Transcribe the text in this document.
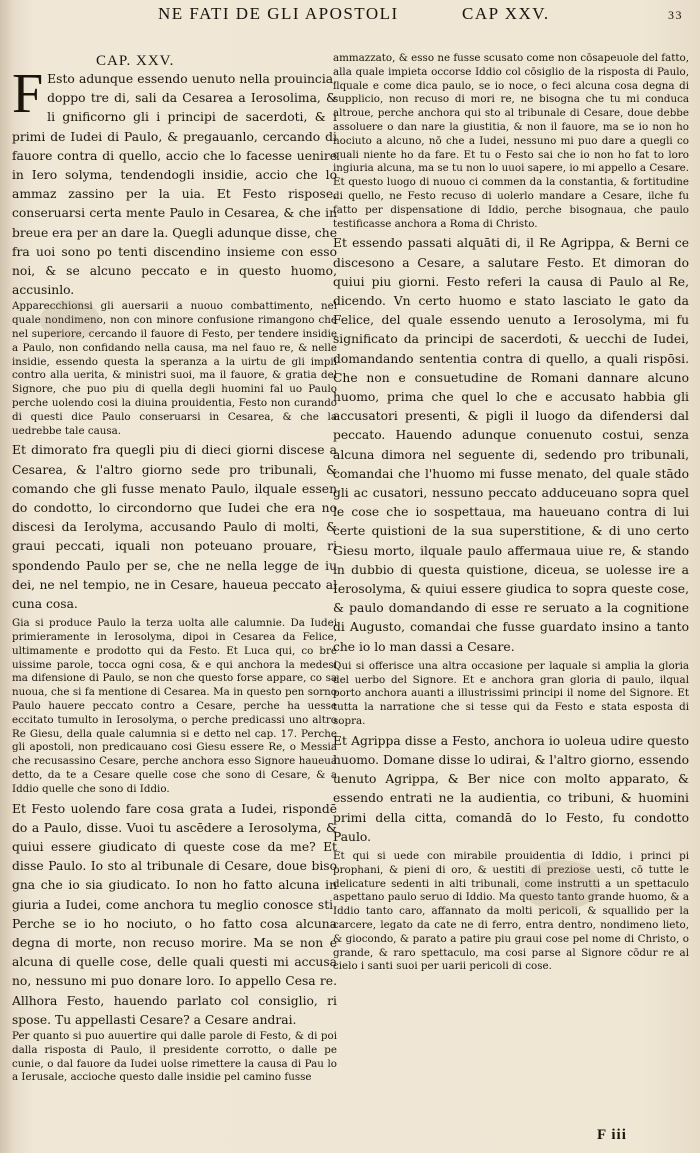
NE FATI DE GLI APOSTOLI	CAP XXV.	33

CAP. XXV.

F Esto adunque essendo uenuto nella prouincia, doppo tre di, sali da Cesarea a Ierosolima, & li gnificorno gli i principi de sacerdoti, & i primi de Iudei di Paulo, & pregauanlo, cercando di fauore contra di quello, accio che lo facesse uenire in Iero solyma, tendendogli insidie, accio che lo ammaz zassino per la uia. Et Festo rispose, conseruarsi certa mente Paulo in Cesarea, & che in breue era per an dare la. Quegli adunque disse, che fra uoi sono po tenti discendino insieme con esso noi, & se alcuno peccato e in questo huomo, accusinlo.

Apparecchionsi gli auersarii a nuouo combattimento, nel quale nondimeno, non con minore confusione rimangono che nel superiore, cercando il fauore di Festo, per tendere insidie a Paulo, non confidando nella causa, ma nel fauo re, & nelle insidie, essendo questa la speranza a la uirtu de gli impii contro alla uerita, & ministri suoi, ma il fauore, & gratia del Signore, che puo piu di quella degli huomini fal uo Paulo perche uolendo cosi la diuina prouidentia, Festo non curando di questi dice Paulo conseruarsi in Cesarea, & che la uedrebbe tale causa.

Et dimorato fra quegli piu di dieci giorni discese a Cesarea, & l'altro giorno sede pro tribunali, & comando che gli fusse menato Paulo, ilquale essen do condotto, lo circondorno que Iudei che era no discesi da Ierolyma, accusando Paulo di molti, & graui peccati, iquali non poteuano prouare, ri spondendo Paulo per se, che ne nella legge de iu dei, ne nel tempio, ne in Cesare, haueua peccato al cuna cosa.

Gia si produce Paulo la terza uolta alle calumnie. Da Iudei primieramente in Ierosolyma, dipoi in Cesarea da Felice, ultimamente e prodotto qui da Festo. Et Luca qui, co bre uissime parole, tocca ogni cosa, & e qui anchora la medesi ma difensione di Paulo, se non che questo forse appare, co sa nuoua, che si fa mentione di Cesarea. Ma in questo pen sorno Paulo hauere peccato contro a Cesare, perche ha uesse eccitato tumulto in Ierosolyma, o perche predicassi uno altro Re Giesu, della quale calumnia si e detto nel cap. 17. Perche gli apostoli, non predicauano cosi Giesu essere Re, o Messia che recusassino Cesare, perche anchora esso Signore haueua detto, da te a Cesare quelle cose che sono di Cesare, & a Iddio quelle che sono di Iddio.

Et Festo uolendo fare cosa grata a Iudei, rispondē do a Paulo, disse. Vuoi tu ascēdere a Ierosolyma, & quiui essere giudicato di queste cose da me? Et disse Paulo. Io sto al tribunale di Cesare, doue biso gna che io sia giudicato. Io non ho fatto alcuna in giuria a Iudei, come anchora tu meglio conosce sti. Perche se io ho nociuto, o ho fatto cosa alcuna degna di morte, non recuso morire. Ma se non e alcuna di quelle cose, delle quali questi mi accusa no, nessuno mi puo donare loro. Io appello Cesa re. Allhora Festo, hauendo parlato col consiglio, ri spose. Tu appellasti Cesare? a Cesare andrai.

Per quanto si puo auuertire qui dalle parole di Festo, & di poi dalla risposta di Paulo, il presidente corrotto, o dalle pe cunie, o dal fauore da Iudei uolse rimettere la causa di Pau lo a Ierusale, accioche questo dalle insidie pel camino fusse

ammazzato, & esso ne fusse scusato come non cōsapeuole del fatto, alla quale impieta occorse Iddio col cōsiglio de la risposta di Paulo, ilquale e come dica paulo, se io noce, o feci alcuna cosa degna di supplicio, non recuso di mori re, ne bisogna che tu mi conduca altroue, perche anchora qui sto al tribunale di Cesare, doue debbe assoluere o dan nare la giustitia, & non il fauore, ma se io non ho nociuto a alcuno, nō che a Iudei, nessuno mi puo dare a quegli co quali niente ho da fare. Et tu o Festo sai che io non ho fat to loro ingiuria alcuna, ma se tu non lo uuoi sapere, io mi appello a Cesare. Et questo luogo di nuouo ci commen da la constantia, & fortitudine di quello, ne Festo recuso di uolerlo mandare a Cesare, ilche fu fatto per dispensatione di Iddio, perche bisognaua, che paulo testificasse anchora a Roma di Christo.

Et essendo passati alquāti di, il Re Agrippa, & Berni ce discesono a Cesare, a salutare Festo. Et dimoran do quiui piu giorni. Festo referi la causa di Paulo al Re, dicendo. Vn certo huomo e stato lasciato le gato da Felice, del quale essendo uenuto a Ierosolyma, mi fu significato da principi de sacerdoti, & uecchi de Iudei, domandando sententia contra di quello, a quali rispōsi. Che non e consuetudine de Romani dannare alcuno huomo, prima che quel lo che e accusato habbia gli accusatori presenti, & pigli il luogo da difendersi dal peccato. Hauendo adunque conuenuto costui, senza alcuna dimora nel seguente di, sedendo pro tribunali, comandai che l'huomo mi fusse menato, del quale stādo gli ac cusatori, nessuno peccato adduceuano sopra quel le cose che io sospettaua, ma haueuano contra di lui certe quistioni de la sua superstitione, & di uno certo Giesu morto, ilquale paulo affermaua uiue re, & stando in dubbio di questa quistione, diceua, se uolesse ire a Ierosolyma, & quiui essere giudica to sopra queste cose, & paulo domandando di esse re seruato a la cognitione di Augusto, comandai che fusse guardato insino a tanto che io lo man dassi a Cesare.

Qui si offerisce una altra occasione per laquale si amplia la gloria del uerbo del Signore. Et e anchora gran gloria di paulo, ilqual porto anchora auanti a illustrissimi principi il nome del Signore. Et tutta la narratione che si tesse qui da Festo e stata esposta di sopra.

Et Agrippa disse a Festo, anchora io uoleua udire questo huomo. Domane disse lo udirai, & l'altro giorno, essendo uenuto Agrippa, & Ber nice con molto apparato, & essendo entrati ne la audientia, co tribuni, & huomini primi della citta, comandā do lo Festo, fu condotto Paulo.

Et qui si uede con mirabile prouidentia di Iddio, i princi pi prophani, & pieni di oro, & uestiti di preziose uesti, cō tutte le delicature sedenti in alti tribunali, come instrutti a un spettaculo aspettano paulo seruo di Iddio. Ma questo tanto grande huomo, & a Iddio tanto caro, affannato da molti pericoli, & squallido per la carcere, legato da cate ne di ferro, entra dentro, nondimeno lieto, & giocondo, & parato a patire piu graui cose pel nome di Christo, o grande, & raro spettaculo, ma cosi parse al Signore cōdur re al cielo i santi suoi per uarii pericoli di cose.

F iii
